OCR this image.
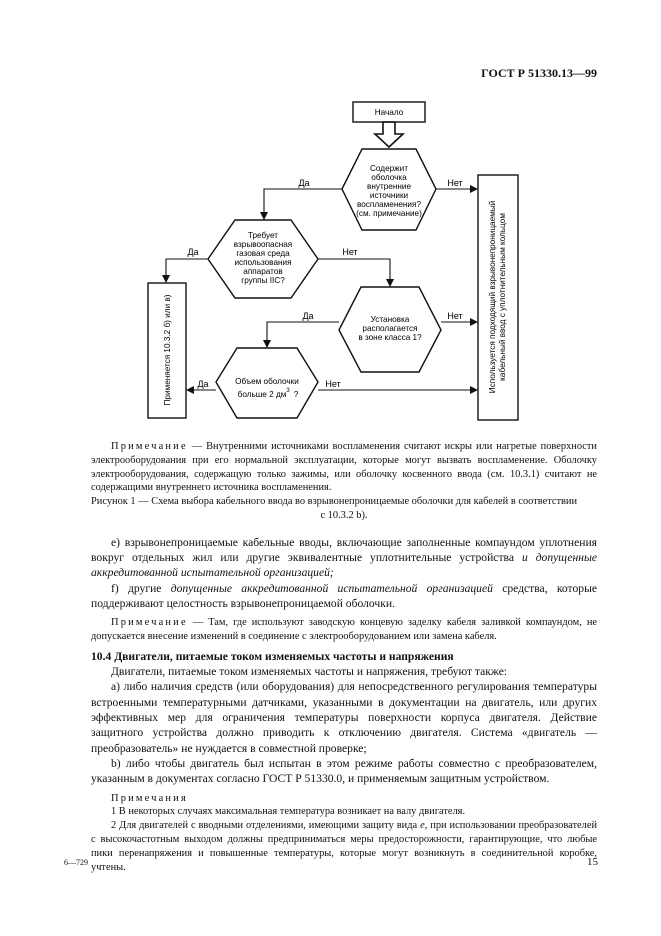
ГОСТ Р 51330.13—99
Начало
Содержит
оболочка
внутренние
источники
воспламенения?
(см. примечание)
Требует
взрывоопасная
газовая среда
использования
аппаратов
группы IIC?
Установка
располагается
в зоне класса 1?
Объем оболочки
больше 2 дм 3 ?
Да	Нет
Да	Нет
Да	Нет
Да	Нет
Применяется 10.3.2 б) или в)	Используется подходящий взрывонепроницаемый кабельный ввод с уплотнительным кольцом

Примечание — Внутренними источниками воспламенения считают искры или нагретые поверхности электрооборудования при его нормальной эксплуатации, которые могут вызвать воспламенение. Оболочку электрооборудования, содержащую только зажимы, или оболочку косвенного ввода (см. 10.3.1) считают не содержащими внутреннего источника воспламенения.

Рисунок 1 — Схема выбора кабельного ввода во взрывонепроницаемые оболочки для кабелей в соответствии

с 10.3.2 b).

е) взрывонепроницаемые кабельные вводы, включающие заполненные компаундом уплотнения вокруг отдельных жил или другие эквивалентные уплотнительные устройства и допущенные аккредитованной испытательной организацией;

f) другие допущенные аккредитованной испытательной организацией средства, которые поддерживают целостность взрывонепроницаемой оболочки.

Примечание — Там, где используют заводскую концевую заделку кабеля заливкой компаундом, не допускается внесение изменений в соединение с электрооборудованием или замена кабеля.

10.4 Двигатели, питаемые током изменяемых частоты и напряжения

Двигатели, питаемые током изменяемых частоты и напряжения, требуют также:

а) либо наличия средств (или оборудования) для непосредственного регулирования температуры встроенными температурными датчиками, указанными в документации на двигатель, или других эффективных мер для ограничения температуры поверхности корпуса двигателя. Действие защитного устройства должно приводить к отключению двигателя. Система «двигатель — преобразователь» не нуждается в совместной проверке;

b) либо чтобы двигатель был испытан в этом режиме работы совместно с преобразователем, указанным в документах согласно ГОСТ Р 51330.0, и применяемым защитным устройством.

Примечания

1 В некоторых случаях максимальная температура возникает на валу двигателя.

2 Для двигателей с вводными отделениями, имеющими защиту вида е, при использовании преобразователей с высокочастотным выходом должны предприниматься меры предосторожности, гарантирующие, что любые пики перенапряжения и повышенные температуры, которые могут возникнуть в соединительной коробке, учтены.

6—729	15
